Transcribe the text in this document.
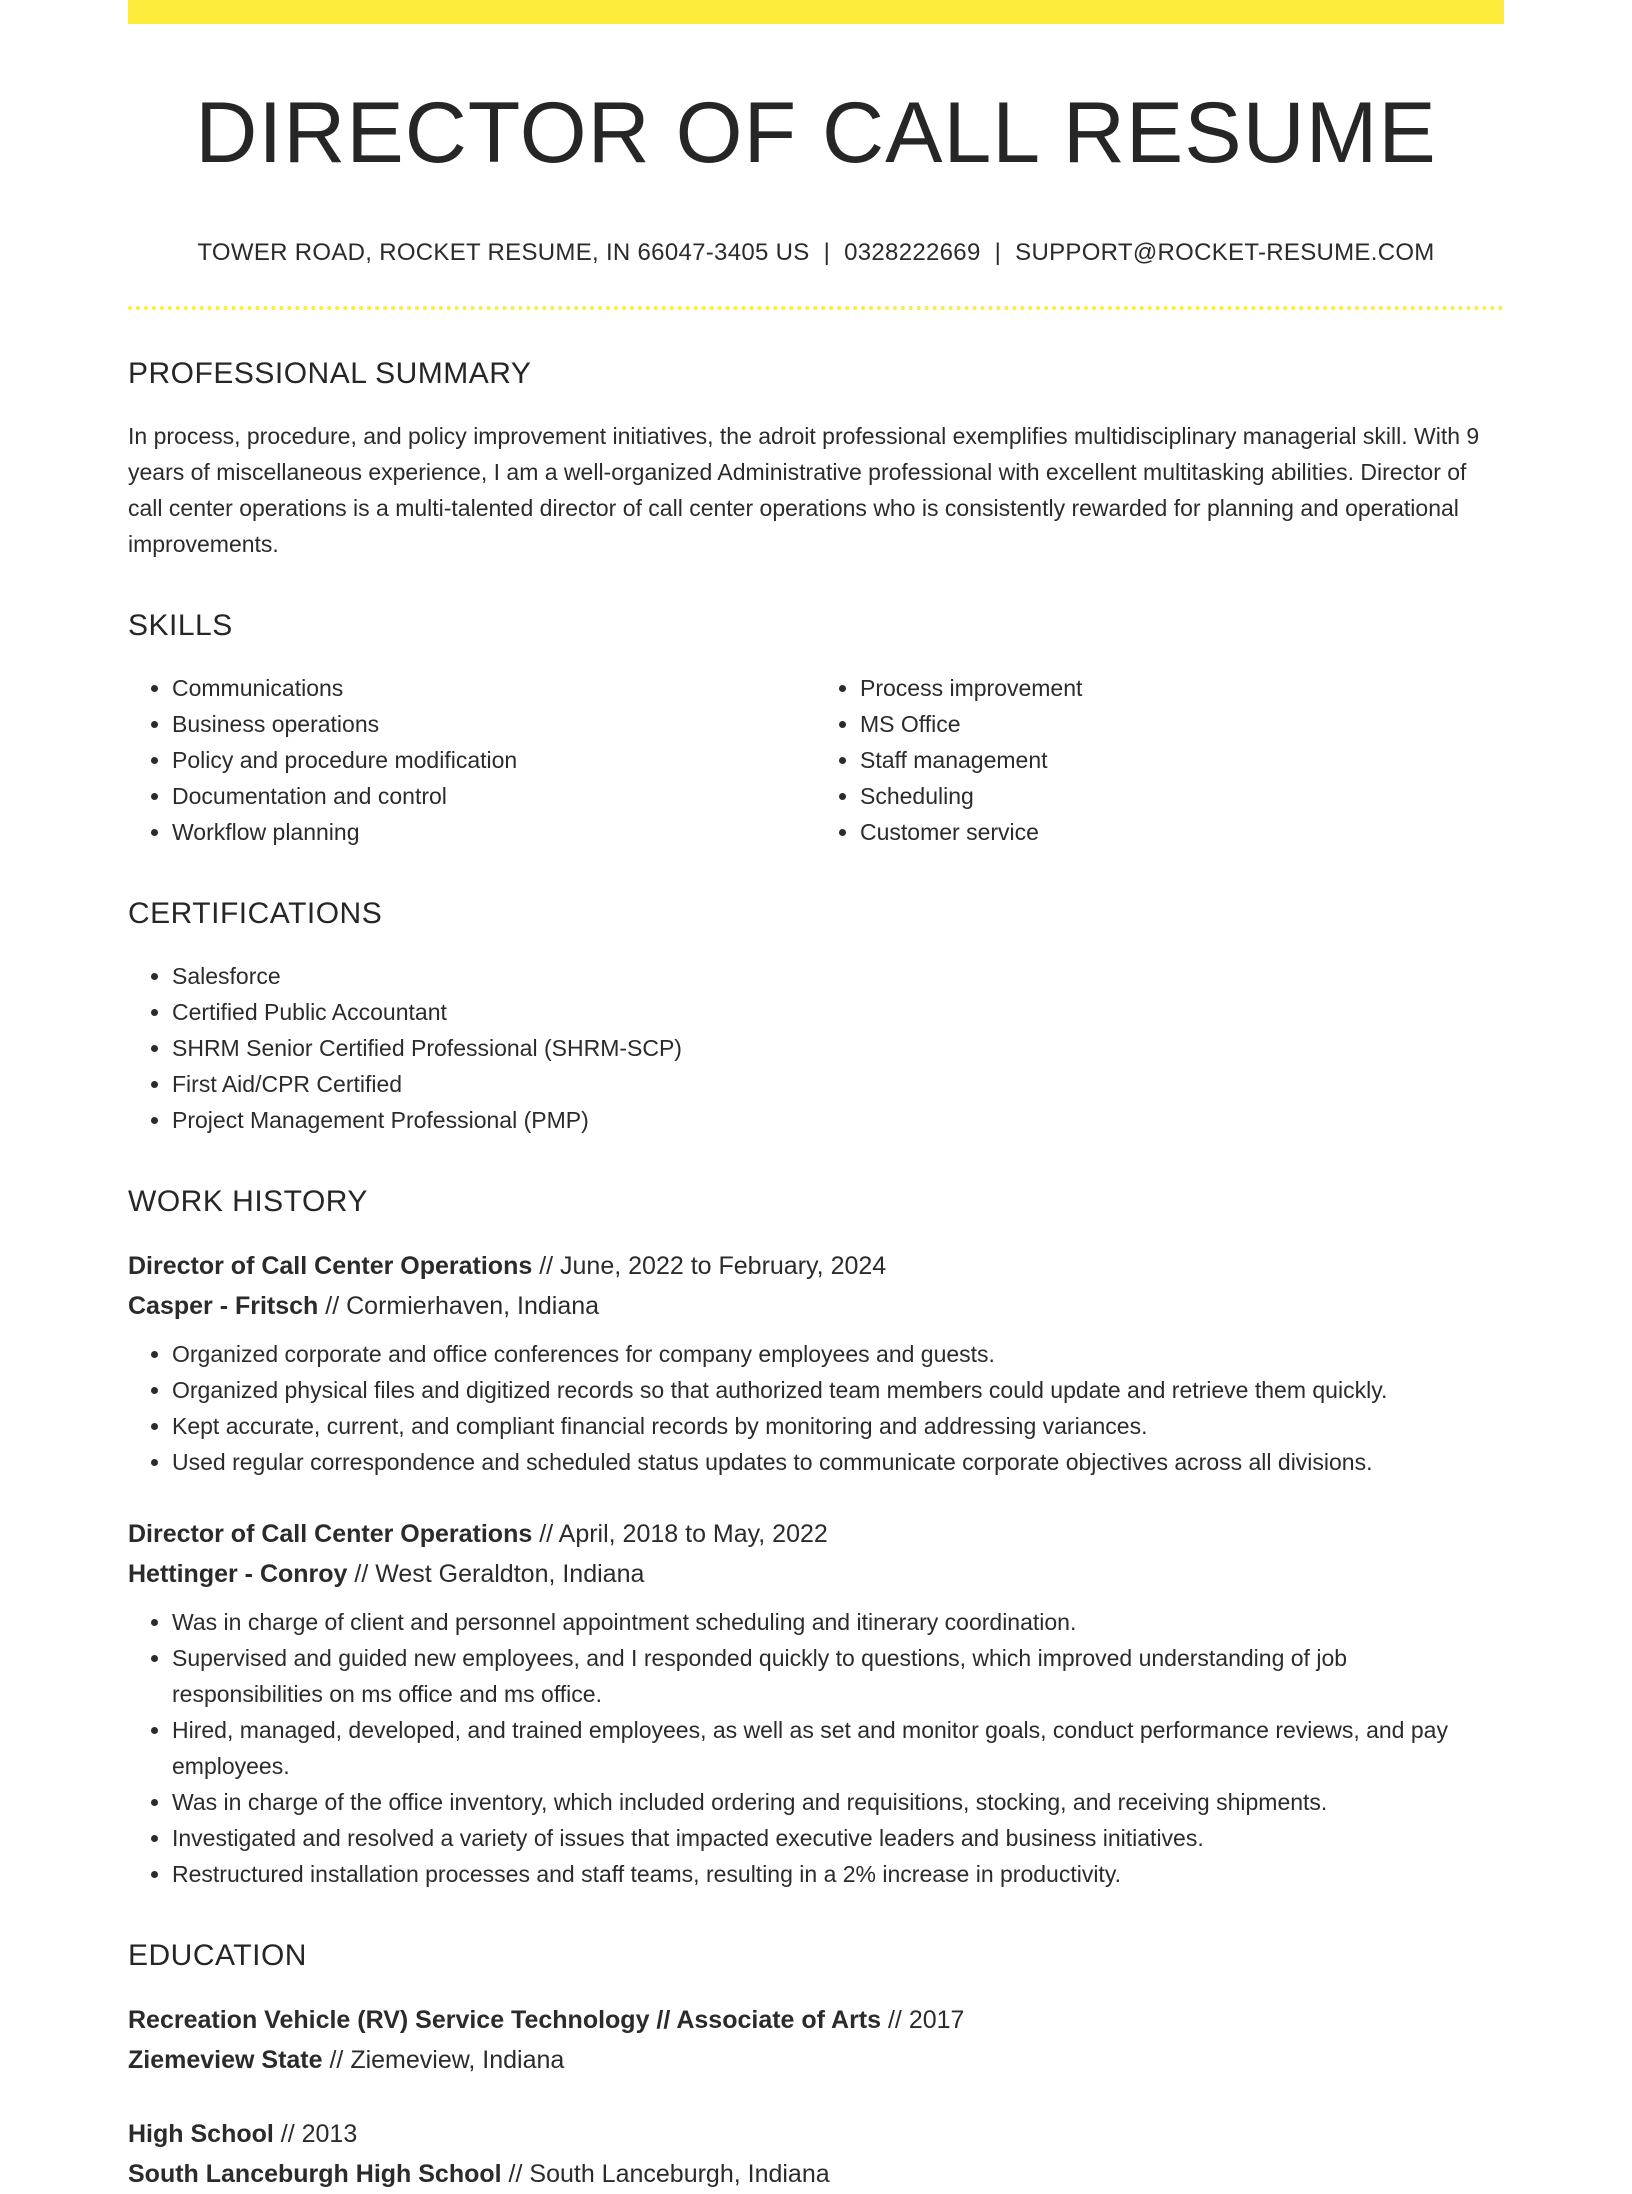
DIRECTOR OF CALL RESUME
TOWER ROAD, ROCKET RESUME, IN 66047-3405 US | 0328222669 | SUPPORT@ROCKET-RESUME.COM
PROFESSIONAL SUMMARY

In process, procedure, and policy improvement initiatives, the adroit professional exemplifies multidisciplinary managerial skill. With 9 years of miscellaneous experience, I am a well-organized Administrative professional with excellent multitasking abilities. Director of call center operations is a multi-talented director of call center operations who is consistently rewarded for planning and operational improvements.

SKILLS
• Communications
• Business operations
• Policy and procedure modification
• Documentation and control
• Workflow planning
• Process improvement
• MS Office
• Staff management
• Scheduling
• Customer service
CERTIFICATIONS
• Salesforce
• Certified Public Accountant
• SHRM Senior Certified Professional (SHRM-SCP)
• First Aid/CPR Certified
• Project Management Professional (PMP)
WORK HISTORY
Director of Call Center Operations // June, 2022 to February, 2024
Casper - Fritsch // Cormierhaven, Indiana
• Organized corporate and office conferences for company employees and guests.
• Organized physical files and digitized records so that authorized team members could update and retrieve them quickly.
• Kept accurate, current, and compliant financial records by monitoring and addressing variances.
• Used regular correspondence and scheduled status updates to communicate corporate objectives across all divisions.
Director of Call Center Operations // April, 2018 to May, 2022
Hettinger - Conroy // West Geraldton, Indiana
• Was in charge of client and personnel appointment scheduling and itinerary coordination.
• Supervised and guided new employees, and I responded quickly to questions, which improved understanding of job responsibilities on ms office and ms office.
• Hired, managed, developed, and trained employees, as well as set and monitor goals, conduct performance reviews, and pay employees.
• Was in charge of the office inventory, which included ordering and requisitions, stocking, and receiving shipments.
• Investigated and resolved a variety of issues that impacted executive leaders and business initiatives.
• Restructured installation processes and staff teams, resulting in a 2% increase in productivity.
EDUCATION
Recreation Vehicle (RV) Service Technology // Associate of Arts // 2017
Ziemeview State // Ziemeview, Indiana
High School // 2013
South Lanceburgh High School // South Lanceburgh, Indiana
